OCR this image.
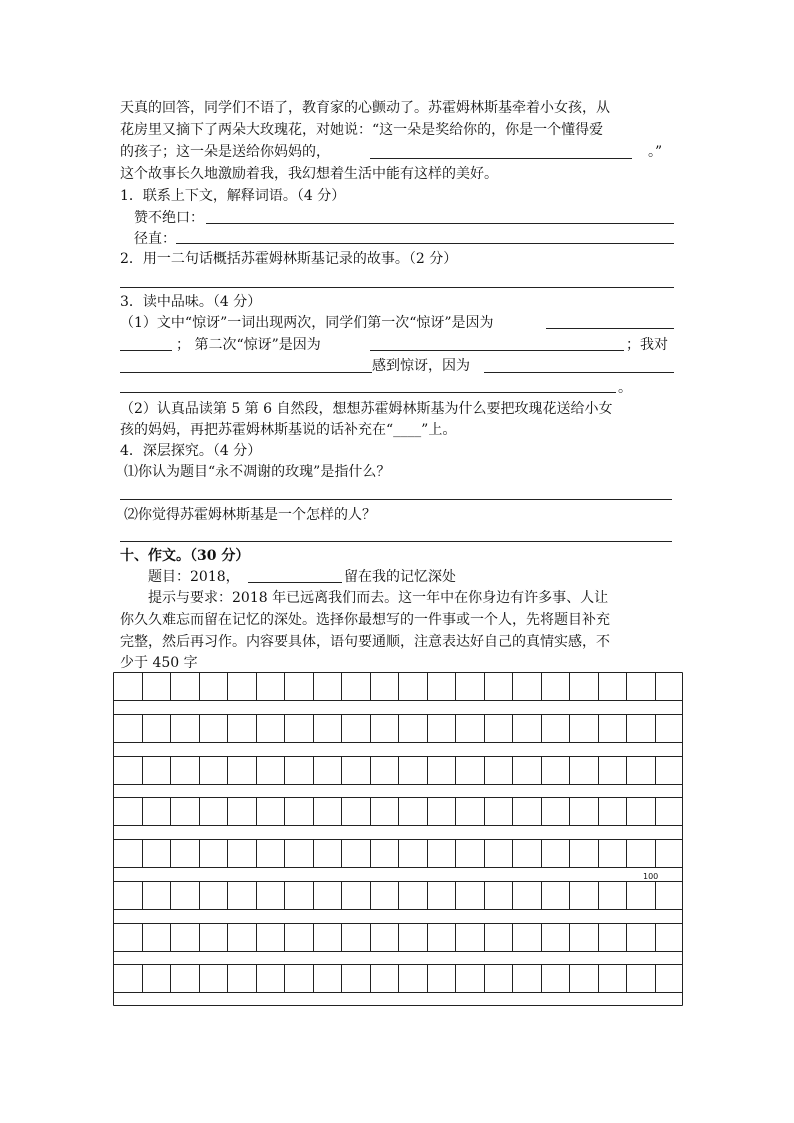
天真的回答，同学们不语了，教育家的心颤动了。苏霍姆林斯基牵着小女孩，从
花房里又摘下了两朵大玫瑰花，对她说：“这一朵是奖给你的，你是一个懂得爱
的孩子；这一朵是送给你妈妈的，	。”
这个故事长久地激励着我，我幻想着生活中能有这样的美好。
1．联系上下文，解释词语。（4 分）
赞不绝口：
径直：
2．用一二句话概括苏霍姆林斯基记录的故事。（2 分）
3．读中品味。（4 分）
（1）文中“惊讶”一词出现两次，同学们第一次“惊讶”是因为
； 第二次“惊讶”是因为	；我对
感到惊讶，因为
。
（2）认真品读第 5 第 6 自然段，想想苏霍姆林斯基为什么要把玫瑰花送给小女
孩的妈妈，再把苏霍姆林斯基说的话补充在“____”上。
4．深层探究。（4 分）
⑴你认为题目“永不凋谢的玫瑰”是指什么？
⑵你觉得苏霍姆林斯基是一个怎样的人？
十、作文。（30 分）
题目：2018，	留在我的记忆深处
提示与要求：2018 年已远离我们而去。这一年中在你身边有许多事、人让
你久久难忘而留在记忆的深处。选择你最想写的一件事或一个人，先将题目补充
完整，然后再习作。内容要具体，语句要通顺，注意表达好自己的真情实感，不
少于 450 字
100
